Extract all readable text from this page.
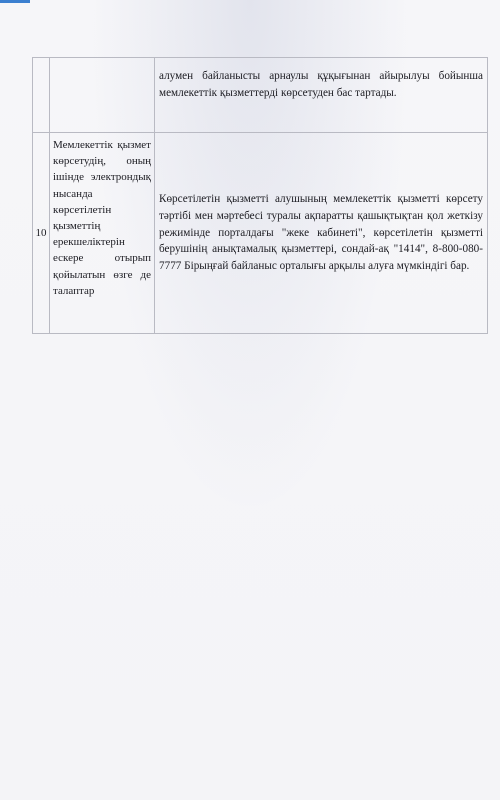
		алумен байланысты арнаулы құқығынан айырылуы бойынша мемлекеттік қызметтерді көрсетуден бас тартады.
10	Мемлекеттік қызмет көрсетудің, оның ішінде электрондық нысанда көрсетілетін қызметтің ерекшеліктерін ескере отырып қойылатын өзге де талаптар	Көрсетілетін қызметті алушының мемлекеттік қызметті көрсету тәртібі мен мәртебесі туралы ақпаратты қашықтықтан қол жеткізу режимінде порталдағы "жеке кабинеті", көрсетілетін қызметті берушінің анықтамалық қызметтері, сондай-ақ "1414", 8-800-080-7777 Бірыңғай байланыс орталығы арқылы алуға мүмкіндігі бар.
